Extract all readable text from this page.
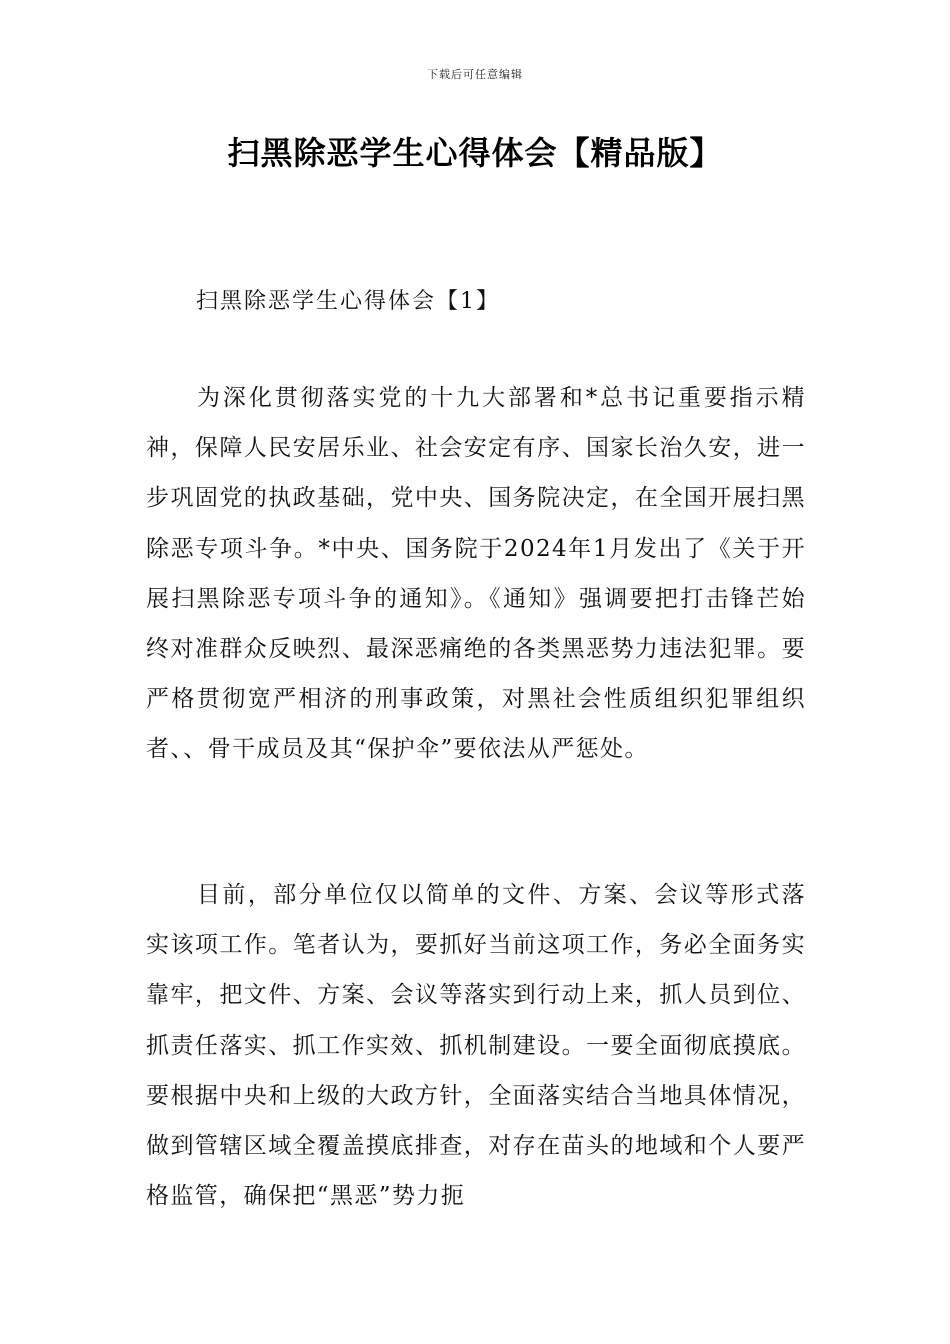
下载后可任意编辑
扫黑除恶学生心得体会【精品版】
扫黑除恶学生心得体会【1】

为深化贯彻落实党的十九大部署和*总书记重要指示精神，保障人民安居乐业、社会安定有序、国家长治久安，进一步巩固党的执政基础，党中央、国务院决定，在全国开展扫黑除恶专项斗争。*中央、国务院于2024年1月发出了《关于开展扫黑除恶专项斗争的通知》。《通知》强调要把打击锋芒始终对准群众反映烈、最深恶痛绝的各类黑恶势力违法犯罪。要严格贯彻宽严相济的刑事政策，对黑社会性质组织犯罪组织者、、骨干成员及其“保护伞”要依法从严惩处。

目前，部分单位仅以简单的文件、方案、会议等形式落实该项工作。笔者认为，要抓好当前这项工作，务必全面务实靠牢，把文件、方案、会议等落实到行动上来，抓人员到位、抓责任落实、抓工作实效、抓机制建设。一要全面彻底摸底。要根据中央和上级的大政方针，全面落实结合当地具体情况，做到管辖区域全覆盖摸底排查，对存在苗头的地域和个人要严格监管，确保把“黑恶”势力扼
